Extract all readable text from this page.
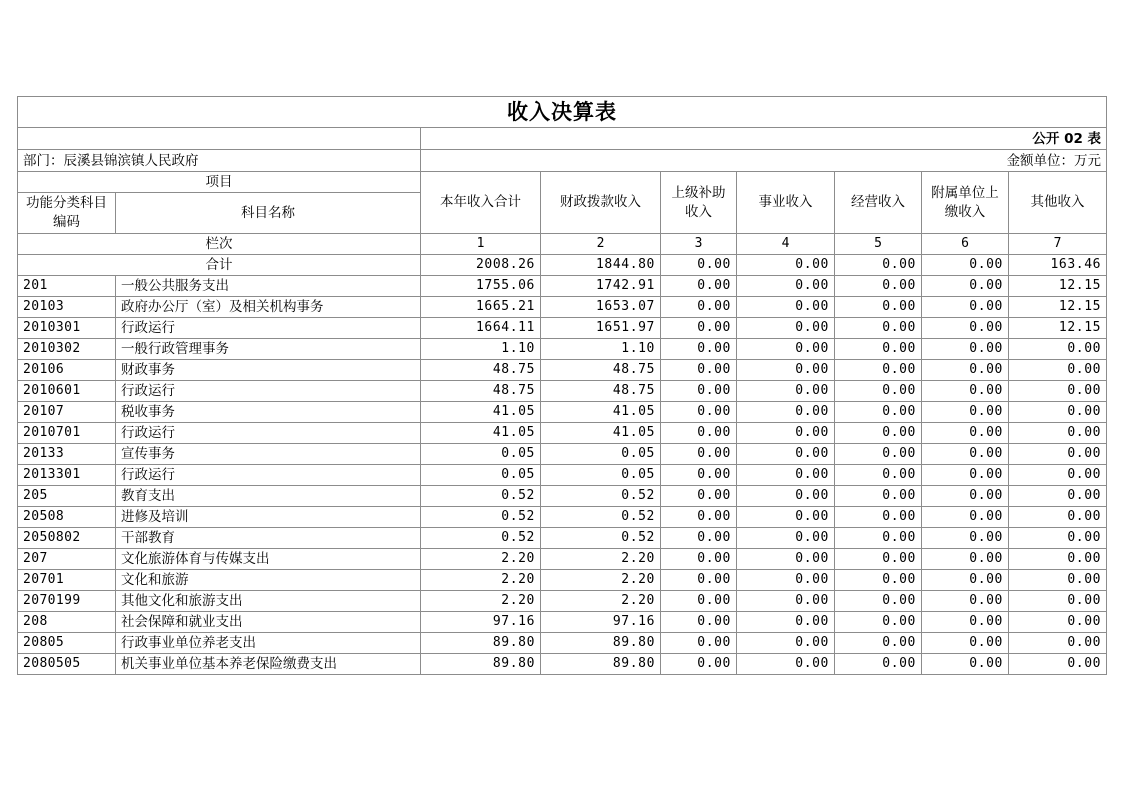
收入决算表								
		公开 02 表						
部门：辰溪县锦滨镇人民政府		金额单位：万元						
项目		本年收入合计	财政拨款收入	上级补助收入	事业收入	经营收入	附属单位上缴收入	其他收入
功能分类科目编码	科目名称							
栏次		1	2	3	4	5	6	7
合计		2008.26	1844.80	0.00	0.00	0.00	0.00	163.46
201	一般公共服务支出	1755.06	1742.91	0.00	0.00	0.00	0.00	12.15
20103	政府办公厅（室）及相关机构事务	1665.21	1653.07	0.00	0.00	0.00	0.00	12.15
2010301	行政运行	1664.11	1651.97	0.00	0.00	0.00	0.00	12.15
2010302	一般行政管理事务	1.10	1.10	0.00	0.00	0.00	0.00	0.00
20106	财政事务	48.75	48.75	0.00	0.00	0.00	0.00	0.00
2010601	行政运行	48.75	48.75	0.00	0.00	0.00	0.00	0.00
20107	税收事务	41.05	41.05	0.00	0.00	0.00	0.00	0.00
2010701	行政运行	41.05	41.05	0.00	0.00	0.00	0.00	0.00
20133	宣传事务	0.05	0.05	0.00	0.00	0.00	0.00	0.00
2013301	行政运行	0.05	0.05	0.00	0.00	0.00	0.00	0.00
205	教育支出	0.52	0.52	0.00	0.00	0.00	0.00	0.00
20508	进修及培训	0.52	0.52	0.00	0.00	0.00	0.00	0.00
2050802	干部教育	0.52	0.52	0.00	0.00	0.00	0.00	0.00
207	文化旅游体育与传媒支出	2.20	2.20	0.00	0.00	0.00	0.00	0.00
20701	文化和旅游	2.20	2.20	0.00	0.00	0.00	0.00	0.00
2070199	其他文化和旅游支出	2.20	2.20	0.00	0.00	0.00	0.00	0.00
208	社会保障和就业支出	97.16	97.16	0.00	0.00	0.00	0.00	0.00
20805	行政事业单位养老支出	89.80	89.80	0.00	0.00	0.00	0.00	0.00
2080505	机关事业单位基本养老保险缴费支出	89.80	89.80	0.00	0.00	0.00	0.00	0.00
